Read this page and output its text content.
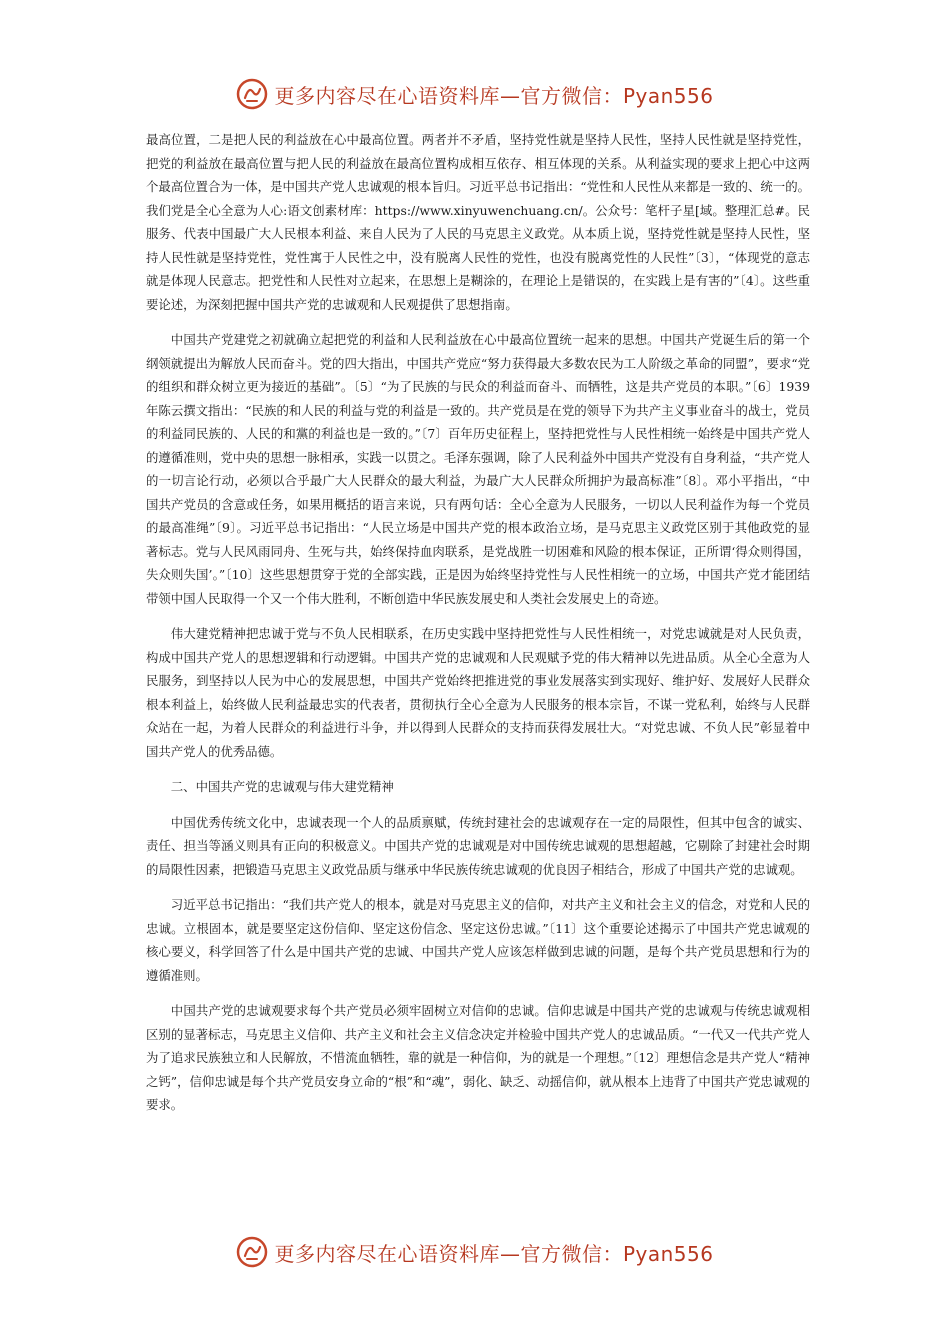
更多内容尽在心语资料库—官方微信：Pyan556

最高位置，二是把人民的利益放在心中最高位置。两者并不矛盾，坚持党性就是坚持人民性，坚持人民性就是坚持党性，把党的利益放在最高位置与把人民的利益放在最高位置构成相互依存、相互体现的关系。从利益实现的要求上把心中这两个最高位置合为一体，是中国共产党人忠诚观的根本旨归。习近平总书记指出：“党性和人民性从来都是一致的、统一的。我们党是全心全意为人心:语文创素材库：https://www.xinyuwenchuang.cn/。公众号：笔杆子星[域。整理汇总#。民服务、代表中国最广大人民根本利益、来自人民为了人民的马克思主义政党。从本质上说，坚持党性就是坚持人民性，坚持人民性就是坚持党性，党性寓于人民性之中，没有脱离人民性的党性，也没有脱离党性的人民性”〔3〕，“体现党的意志就是体现人民意志。把党性和人民性对立起来，在思想上是糊涂的，在理论上是错误的，在实践上是有害的”〔4〕。这些重要论述，为深刻把握中国共产党的忠诚观和人民观提供了思想指南。

中国共产党建党之初就确立起把党的利益和人民利益放在心中最高位置统一起来的思想。中国共产党诞生后的第一个纲领就提出为解放人民而奋斗。党的四大指出，中国共产党应“努力获得最大多数农民为工人阶级之革命的同盟”，要求“党的组织和群众树立更为接近的基础”。〔5〕“为了民族的与民众的利益而奋斗、而牺牲，这是共产党员的本职。”〔6〕1939 年陈云撰文指出：“民族的和人民的利益与党的利益是一致的。共产党员是在党的领导下为共产主义事业奋斗的战士，党员的利益同民族的、人民的和黨的利益也是一致的。”〔7〕百年历史征程上，坚持把党性与人民性相统一始终是中国共产党人的遵循准则，党中央的思想一脉相承，实践一以贯之。毛泽东强调，除了人民利益外中国共产党没有自身利益，“共产党人的一切言论行动，必须以合乎最广大人民群众的最大利益，为最广大人民群众所拥护为最高标准”〔8〕。邓小平指出，“中国共产党员的含意或任务，如果用概括的语言来说，只有两句话：全心全意为人民服务，一切以人民利益作为每一个党员的最高准绳”〔9〕。习近平总书记指出：“人民立场是中国共产党的根本政治立场，是马克思主义政党区别于其他政党的显著标志。党与人民风雨同舟、生死与共，始终保持血肉联系，是党战胜一切困难和风险的根本保证，正所谓‘得众则得国，失众则失国’。”〔10〕这些思想贯穿于党的全部实践，正是因为始终坚持党性与人民性相统一的立场，中国共产党才能团结带领中国人民取得一个又一个伟大胜利，不断创造中华民族发展史和人类社会发展史上的奇迹。

伟大建党精神把忠诚于党与不负人民相联系，在历史实践中坚持把党性与人民性相统一，对党忠诚就是对人民负责，构成中国共产党人的思想逻辑和行动逻辑。中国共产党的忠诚观和人民观赋予党的伟大精神以先进品质。从全心全意为人民服务，到坚持以人民为中心的发展思想，中国共产党始终把推进党的事业发展落实到实现好、维护好、发展好人民群众根本利益上，始终做人民利益最忠实的代表者，贯彻执行全心全意为人民服务的根本宗旨，不谋一党私利，始终与人民群众站在一起，为着人民群众的利益进行斗争，并以得到人民群众的支持而获得发展壮大。“对党忠诚、不负人民”彰显着中国共产党人的优秀品德。

二、中国共产党的忠诚观与伟大建党精神

中国优秀传统文化中，忠诚表现一个人的品质禀赋，传统封建社会的忠诚观存在一定的局限性，但其中包含的诚实、责任、担当等涵义则具有正向的积极意义。中国共产党的忠诚观是对中国传统忠诚观的思想超越，它剔除了封建社会时期的局限性因素，把锻造马克思主义政党品质与继承中华民族传统忠诚观的优良因子相结合，形成了中国共产党的忠诚观。

习近平总书记指出：“我们共产党人的根本，就是对马克思主义的信仰，对共产主义和社会主义的信念，对党和人民的忠诚。立根固本，就是要坚定这份信仰、坚定这份信念、坚定这份忠诚。”〔11〕这个重要论述揭示了中国共产党忠诚观的核心要义，科学回答了什么是中国共产党的忠诚、中国共产党人应该怎样做到忠诚的问题，是每个共产党员思想和行为的遵循准则。

中国共产党的忠诚观要求每个共产党员必须牢固树立对信仰的忠诚。信仰忠诚是中国共产党的忠诚观与传统忠诚观相区别的显著标志，马克思主义信仰、共产主义和社会主义信念决定并检验中国共产党人的忠诚品质。“一代又一代共产党人为了追求民族独立和人民解放，不惜流血牺牲，靠的就是一种信仰，为的就是一个理想。”〔12〕理想信念是共产党人“精神之钙”，信仰忠诚是每个共产党员安身立命的“根”和“魂”，弱化、缺乏、动摇信仰，就从根本上违背了中国共产党忠诚观的要求。

更多内容尽在心语资料库—官方微信：Pyan556
